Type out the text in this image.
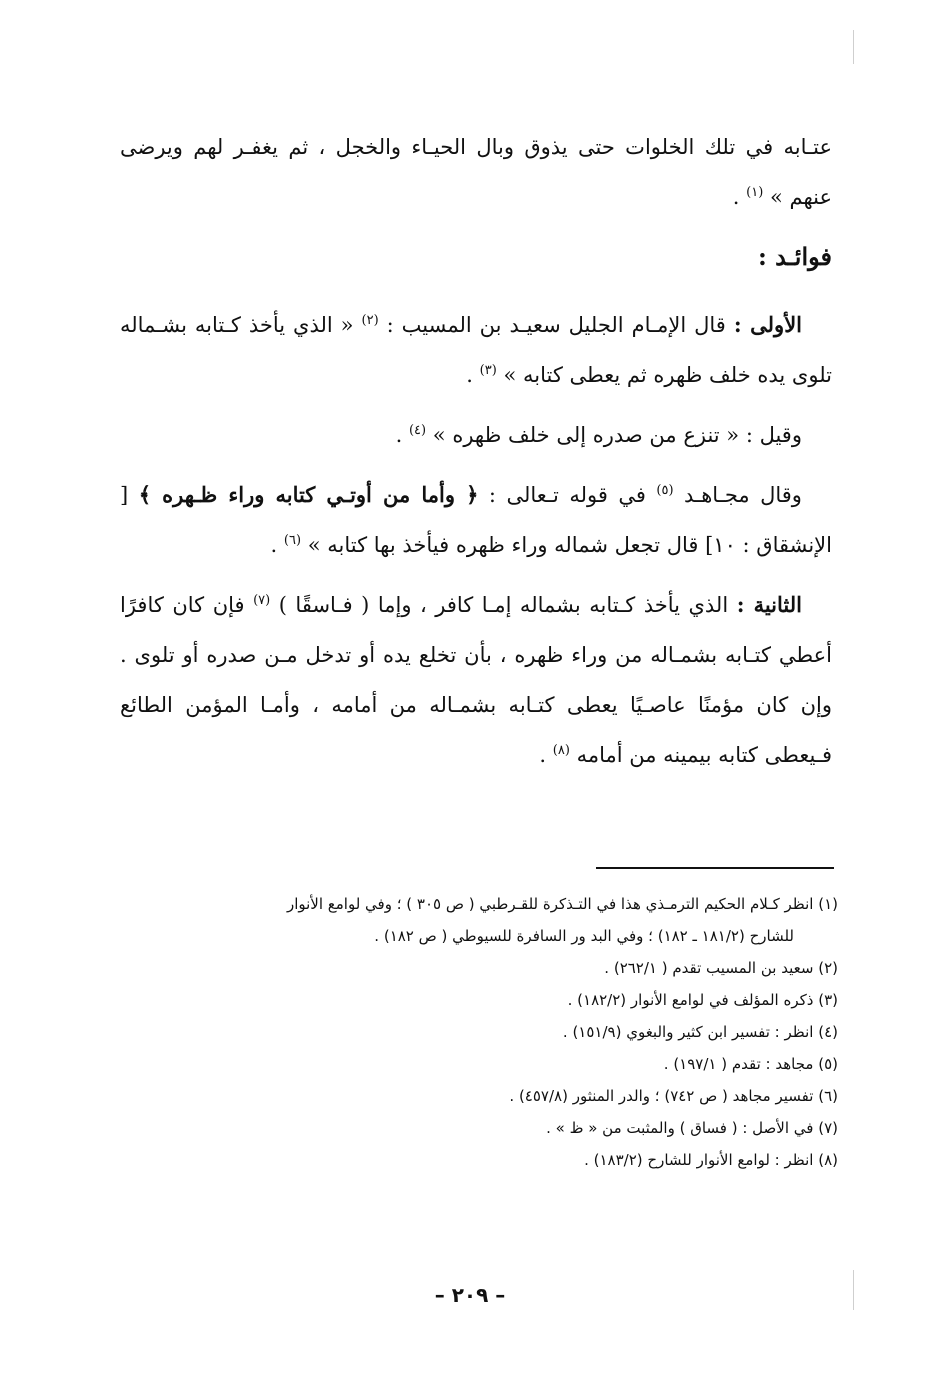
عتـابه في تلك الخلوات حتى يذوق وبال الحيـاء والخجل ، ثم يغفـر لهم ويرضى عنهم » $^{(١)}$ .

فوائـد :

الأولى : قال الإمـام الجليل سعيـد بن المسيب : $^{(٢)}$ « الذي يأخذ كـتابه بشـماله تلوى يده خلف ظهره ثم يعطى كتابه » $^{(٣)}$ .

وقيل : « تنزع من صدره إلى خلف ظهره » $^{(٤)}$ .

وقال مجـاهـد $^{(٥)}$ في قوله تـعالى : ﴿ وأما من أوتـي كتابه وراء ظـهره ﴾ [ الإنشقاق : ١٠] قال تجعل شماله وراء ظهره فيأخذ بها كتابه » $^{(٦)}$ .

الثانية : الذي يأخذ كـتابه بشماله إمـا كافر ، وإما ( فـاسقًا ) $^{(٧)}$ فإن كان كافرًا أعطي كتـابه بشمـاله من وراء ظهره ، بأن تخلع يده أو تدخل مـن صدره أو تلوى . وإن كان مؤمنًا عاصـيًا يعطى كتـابه بشمـاله من أمامه ، وأمـا المؤمن الطائع فـيعطى كتابه بيمينه من أمامه $^{(٨)}$ .

(١) انظر كـلام الحكيم الترمـذي هذا في التـذكرة للقـرطبي ( ص ٣٠٥ ) ؛ وفي لوامع الأنوار
للشارح (١٨١/٢ ـ ١٨٢) ؛ وفي البد ور السافرة للسيوطي ( ص ١٨٢) .

(٢) سعيد بن المسيب تقدم ( ٢٦٢/١) .

(٣) ذكره المؤلف في لوامع الأنوار (١٨٢/٢) .

(٤) انظر : تفسير ابن كثير والبغوي (١٥١/٩) .

(٥) مجاهد : تقدم ( ١٩٧/١) .

(٦) تفسير مجاهد ( ص ٧٤٢) ؛ والدر المنثور (٤٥٧/٨) .

(٧) في الأصل : ( فساق ) والمثبت من « ظ » .

(٨) انظر : لوامع الأنوار للشارح (١٨٣/٢) .

– ٢٠٩ –
